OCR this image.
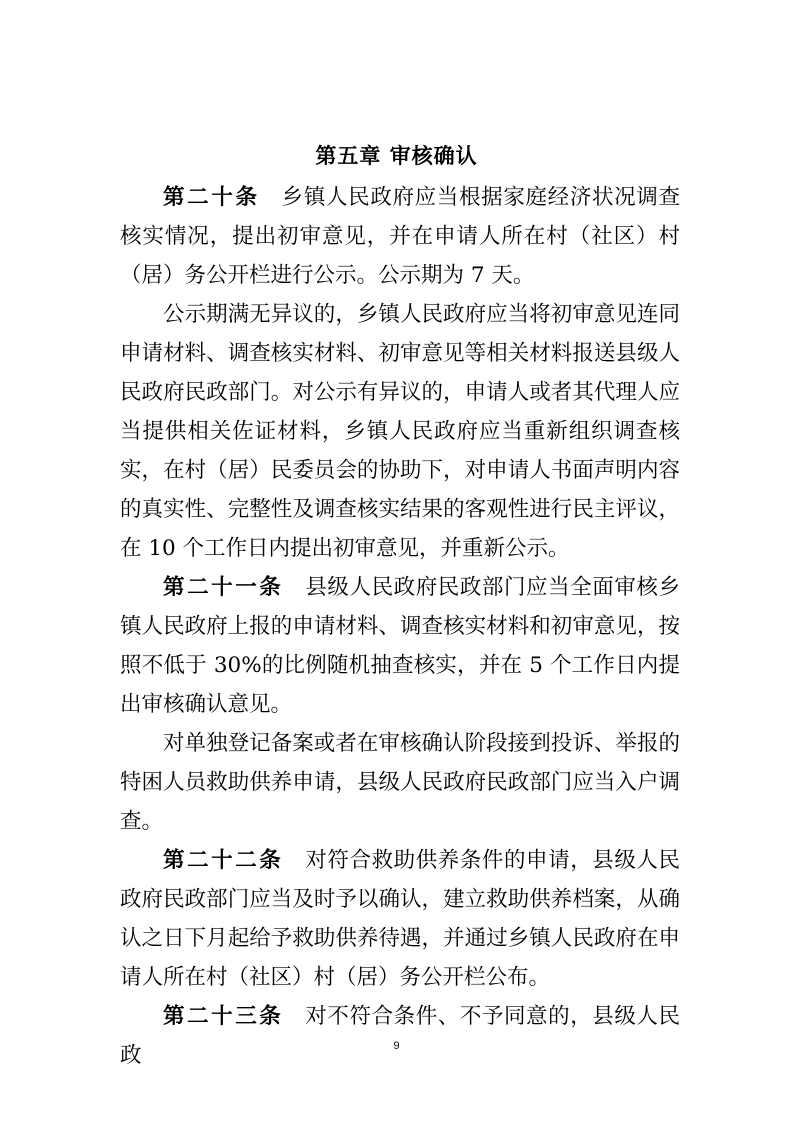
第五章 审核确认

第二十条 乡镇人民政府应当根据家庭经济状况调查核实情况，提出初审意见，并在申请人所在村（社区）村（居）务公开栏进行公示。公示期为 7 天。

公示期满无异议的，乡镇人民政府应当将初审意见连同申请材料、调查核实材料、初审意见等相关材料报送县级人民政府民政部门。对公示有异议的，申请人或者其代理人应当提供相关佐证材料，乡镇人民政府应当重新组织调查核实，在村（居）民委员会的协助下，对申请人书面声明内容的真实性、完整性及调查核实结果的客观性进行民主评议，在 10 个工作日内提出初审意见，并重新公示。

第二十一条 县级人民政府民政部门应当全面审核乡镇人民政府上报的申请材料、调查核实材料和初审意见，按照不低于 30%的比例随机抽查核实，并在 5 个工作日内提出审核确认意见。

对单独登记备案或者在审核确认阶段接到投诉、举报的特困人员救助供养申请，县级人民政府民政部门应当入户调查。

第二十二条 对符合救助供养条件的申请，县级人民政府民政部门应当及时予以确认，建立救助供养档案，从确认之日下月起给予救助供养待遇，并通过乡镇人民政府在申请人所在村（社区）村（居）务公开栏公布。

第二十三条 对不符合条件、不予同意的，县级人民政	9
